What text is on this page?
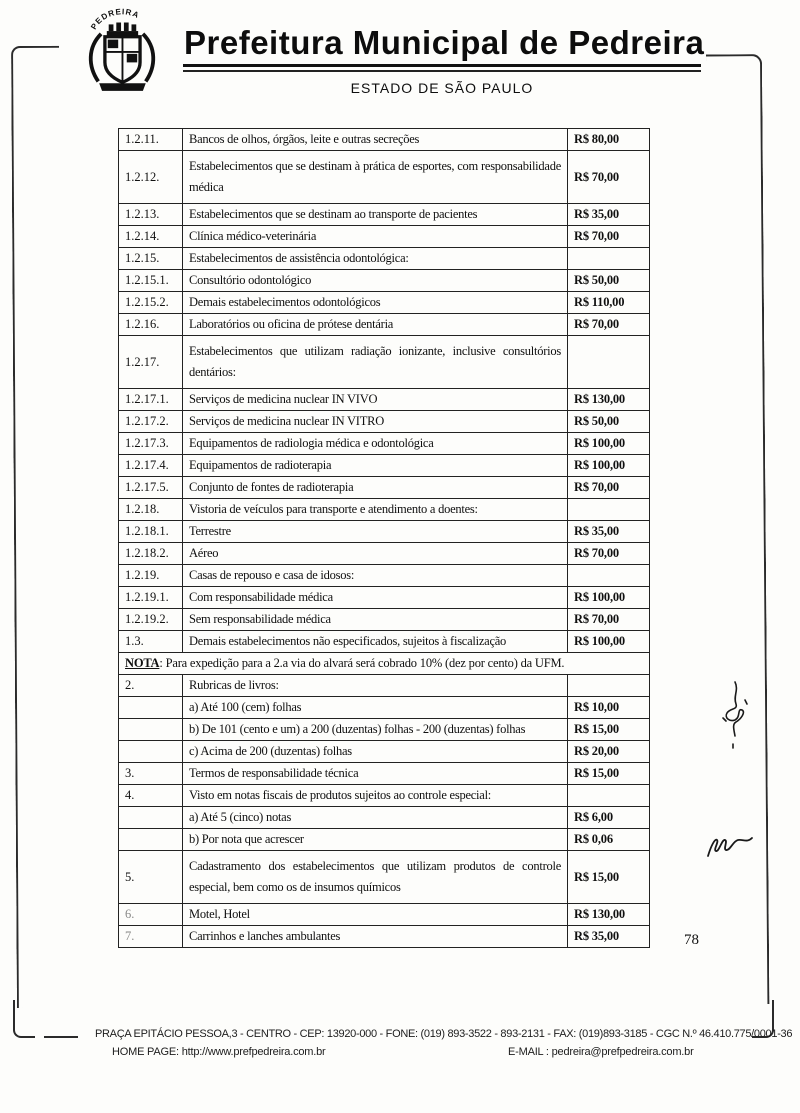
PEDREIRA
Prefeitura Municipal de Pedreira
ESTADO DE SÃO PAULO
1.2.11.	Bancos de olhos, órgãos, leite e outras secreções	R$ 80,00
1.2.12.	Estabelecimentos que se destinam à prática de esportes, com responsabilidade médica	R$ 70,00
1.2.13.	Estabelecimentos que se destinam ao transporte de pacientes	R$ 35,00
1.2.14.	Clínica médico-veterinária	R$ 70,00
1.2.15.	Estabelecimentos de assistência odontológica:	
1.2.15.1.	Consultório odontológico	R$ 50,00
1.2.15.2.	Demais estabelecimentos odontológicos	R$ 110,00
1.2.16.	Laboratórios ou oficina de prótese dentária	R$ 70,00
1.2.17.	Estabelecimentos que utilizam radiação ionizante, inclusive consultórios dentários:	
1.2.17.1.	Serviços de medicina nuclear IN VIVO	R$ 130,00
1.2.17.2.	Serviços de medicina nuclear IN VITRO	R$ 50,00
1.2.17.3.	Equipamentos de radiologia médica e odontológica	R$ 100,00
1.2.17.4.	Equipamentos de radioterapia	R$ 100,00
1.2.17.5.	Conjunto de fontes de radioterapia	R$ 70,00
1.2.18.	Vistoria de veículos para transporte e atendimento a doentes:	
1.2.18.1.	Terrestre	R$ 35,00
1.2.18.2.	Aéreo	R$ 70,00
1.2.19.	Casas de repouso e casa de idosos:	
1.2.19.1.	Com responsabilidade médica	R$ 100,00
1.2.19.2.	Sem responsabilidade médica	R$ 70,00
1.3.	Demais estabelecimentos não especificados, sujeitos à fiscalização	R$ 100,00
NOTA: Para expedição para a 2.a via do alvará será cobrado 10% (dez por cento) da UFM.		
2.	Rubricas de livros:	
	a) Até 100 (cem) folhas	R$ 10,00
	b) De 101 (cento e um) a 200 (duzentas) folhas - 200 (duzentas) folhas	R$ 15,00
	c) Acima de 200 (duzentas) folhas	R$ 20,00
3.	Termos de responsabilidade técnica	R$ 15,00
4.	Visto em notas fiscais de produtos sujeitos ao controle especial:	
	a) Até 5 (cinco) notas	R$ 6,00
	b) Por nota que acrescer	R$ 0,06
5.	Cadastramento dos estabelecimentos que utilizam produtos de controle especial, bem como os de insumos químicos	R$ 15,00
6.	Motel, Hotel	R$ 130,00
7.	Carrinhos e lanches ambulantes	R$ 35,00	78
PRAÇA EPITÁCIO PESSOA,3 - CENTRO - CEP: 13920-000 - FONE: (019) 893-3522 - 893-2131 - FAX: (019)893-3185 - CGC N.º 46.410.775/0001-36
HOME PAGE: http://www.prefpedreira.com.br	E-MAIL : pedreira@prefpedreira.com.br
